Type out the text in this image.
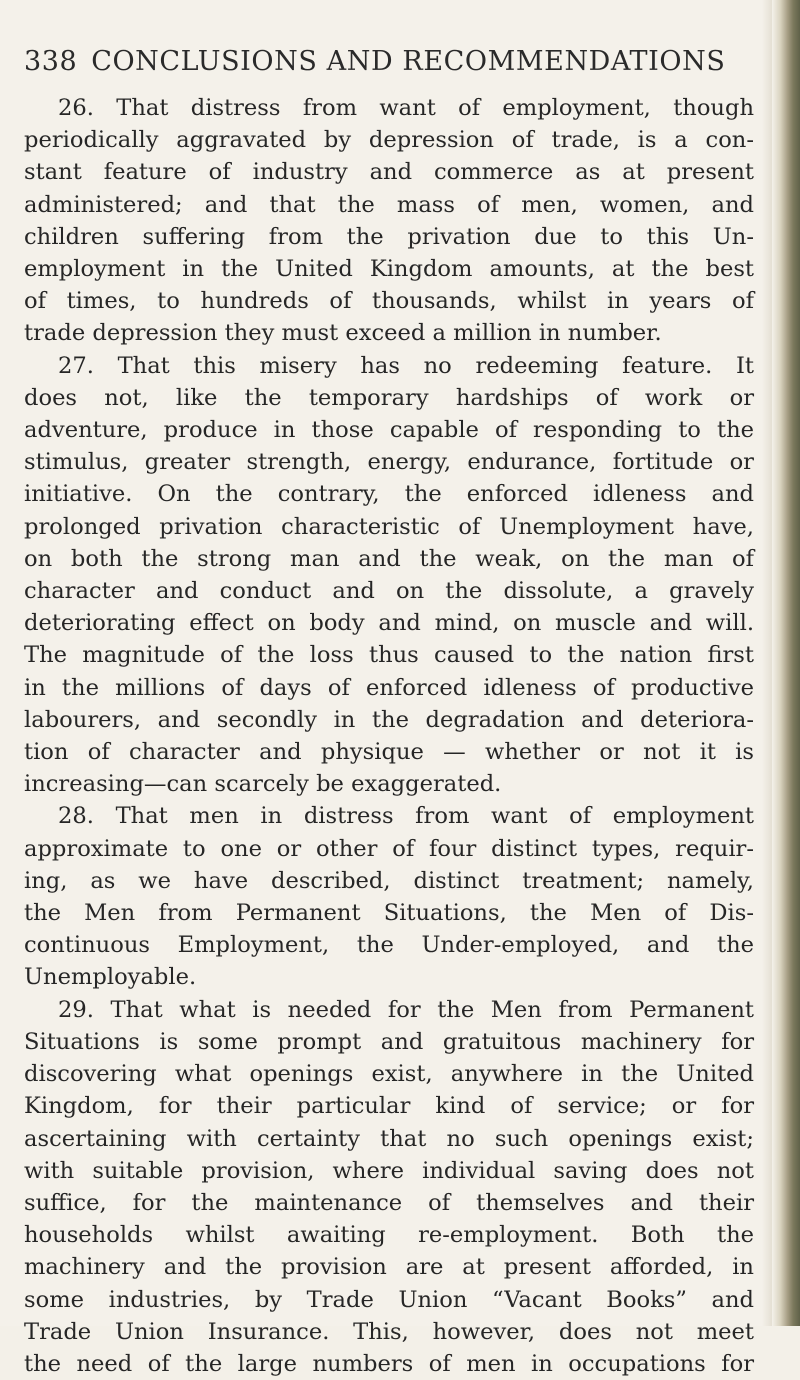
338 CONCLUSIONS AND RECOMMENDATIONS

26. That distress from want of employment, though
periodically aggravated by depression of trade, is a con-
stant feature of industry and commerce as at present
administered; and that the mass of men, women, and
children suffering from the privation due to this Un-
employment in the United Kingdom amounts, at the best
of times, to hundreds of thousands, whilst in years of
trade depression they must exceed a million in number.

27. That this misery has no redeeming feature. It
does not, like the temporary hardships of work or
adventure, produce in those capable of responding to the
stimulus, greater strength, energy, endurance, fortitude or
initiative. On the contrary, the enforced idleness and
prolonged privation characteristic of Unemployment have,
on both the strong man and the weak, on the man of
character and conduct and on the dissolute, a gravely
deteriorating effect on body and mind, on muscle and will.
The magnitude of the loss thus caused to the nation first
in the millions of days of enforced idleness of productive
labourers, and secondly in the degradation and deteriora-
tion of character and physique — whether or not it is
increasing—can scarcely be exaggerated.

28. That men in distress from want of employment
approximate to one or other of four distinct types, requir-
ing, as we have described, distinct treatment; namely,
the Men from Permanent Situations, the Men of Dis-
continuous Employment, the Under-employed, and the
Unemployable.

29. That what is needed for the Men from Permanent
Situations is some prompt and gratuitous machinery for
discovering what openings exist, anywhere in the United
Kingdom, for their particular kind of service; or for
ascertaining with certainty that no such openings exist;
with suitable provision, where individual saving does not
suffice, for the maintenance of themselves and their
households whilst awaiting re-employment. Both the
machinery and the provision are at present afforded, in
some industries, by Trade Union “Vacant Books” and
Trade Union Insurance. This, however, does not meet
the need of the large numbers of men in occupations for
